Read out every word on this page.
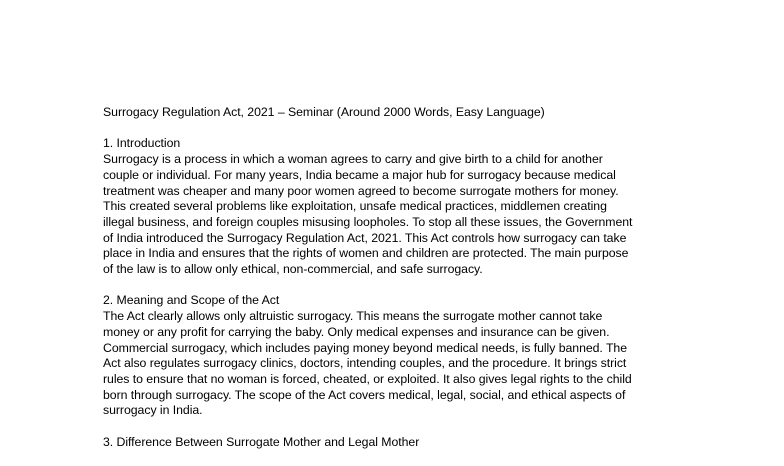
Surrogacy Regulation Act, 2021 – Seminar (Around 2000 Words, Easy Language)

1. Introduction

Surrogacy is a process in which a woman agrees to carry and give birth to a child for another
couple or individual. For many years, India became a major hub for surrogacy because medical
treatment was cheaper and many poor women agreed to become surrogate mothers for money.
This created several problems like exploitation, unsafe medical practices, middlemen creating
illegal business, and foreign couples misusing loopholes. To stop all these issues, the Government
of India introduced the Surrogacy Regulation Act, 2021. This Act controls how surrogacy can take
place in India and ensures that the rights of women and children are protected. The main purpose
of the law is to allow only ethical, non-commercial, and safe surrogacy.

2. Meaning and Scope of the Act

The Act clearly allows only altruistic surrogacy. This means the surrogate mother cannot take
money or any profit for carrying the baby. Only medical expenses and insurance can be given.
Commercial surrogacy, which includes paying money beyond medical needs, is fully banned. The
Act also regulates surrogacy clinics, doctors, intending couples, and the procedure. It brings strict
rules to ensure that no woman is forced, cheated, or exploited. It also gives legal rights to the child
born through surrogacy. The scope of the Act covers medical, legal, social, and ethical aspects of
surrogacy in India.

3. Difference Between Surrogate Mother and Legal Mother
